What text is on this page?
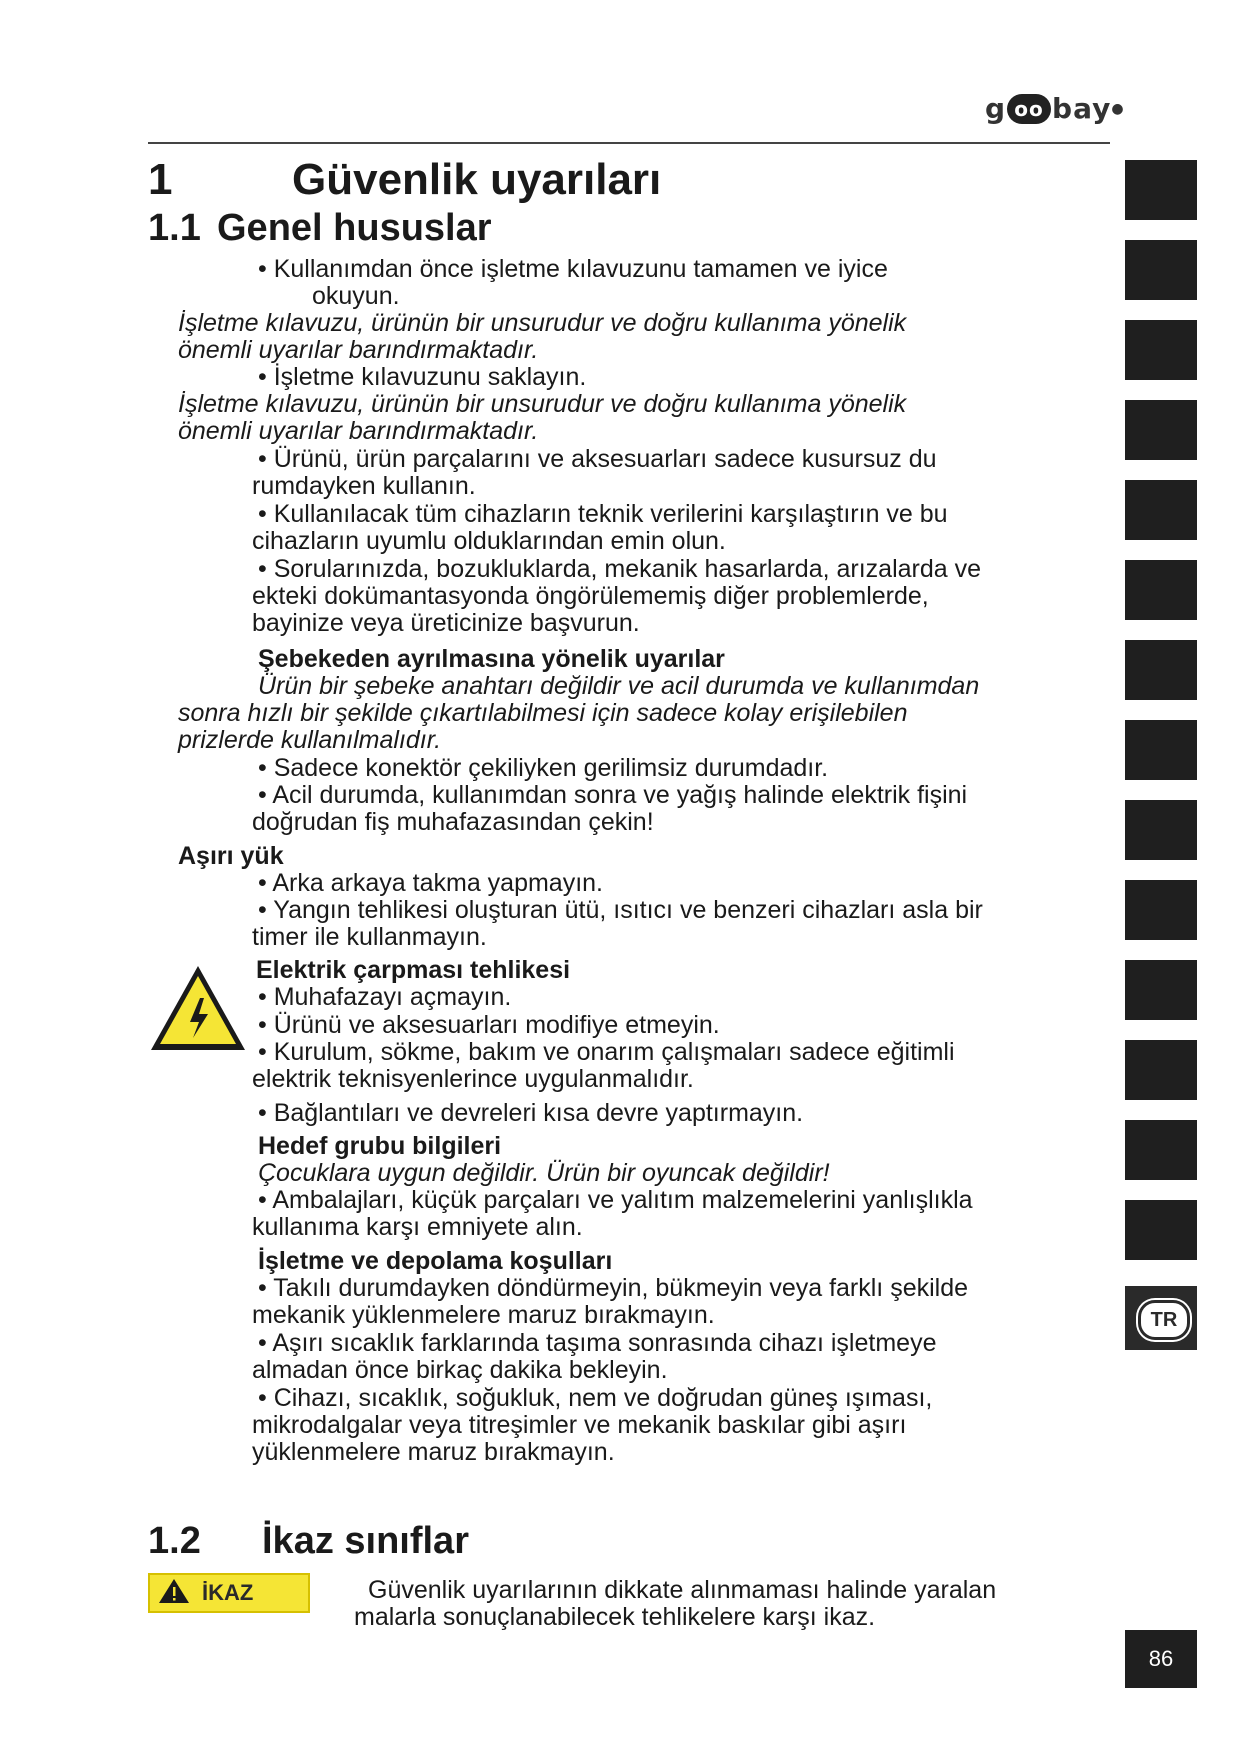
g oo bay ●
1	Güvenlik uyarıları
1.1 Genel hususlar
• Kullanımdan önce işletme kılavuzunu tamamen ve iyice
okuyun.
İşletme kılavuzu, ürünün bir unsurudur ve doğru kullanıma yönelik
önemli uyarılar barındırmaktadır.
• İşletme kılavuzunu saklayın.
İşletme kılavuzu, ürünün bir unsurudur ve doğru kullanıma yönelik
önemli uyarılar barındırmaktadır.
• Ürünü, ürün parçalarını ve aksesuarları sadece kusursuz du
rumdayken kullanın.
• Kullanılacak tüm cihazların teknik verilerini karşılaştırın ve bu
cihazların uyumlu olduklarından emin olun.
• Sorularınızda, bozukluklarda, mekanik hasarlarda, arızalarda ve
ekteki dokümantasyonda öngörülememiş diğer problemlerde,
bayinize veya üreticinize başvurun.
Şebekeden ayrılmasına yönelik uyarılar
Ürün bir şebeke anahtarı değildir ve acil durumda ve kullanımdan
sonra hızlı bir şekilde çıkartılabilmesi için sadece kolay erişilebilen
prizlerde kullanılmalıdır.
• Sadece konektör çekiliyken gerilimsiz durumdadır.
• Acil durumda, kullanımdan sonra ve yağış halinde elektrik fişini
doğrudan fiş muhafazasından çekin!
Aşırı yük
• Arka arkaya takma yapmayın.
• Yangın tehlikesi oluşturan ütü, ısıtıcı ve benzeri cihazları asla bir
timer ile kullanmayın.
Elektrik çarpması tehlikesi
• Muhafazayı açmayın.
• Ürünü ve aksesuarları modifiye etmeyin.
• Kurulum, sökme, bakım ve onarım çalışmaları sadece eğitimli
elektrik teknisyenlerince uygulanmalıdır.
• Bağlantıları ve devreleri kısa devre yaptırmayın.
Hedef grubu bilgileri
Çocuklara uygun değildir. Ürün bir oyuncak değildir!
• Ambalajları, küçük parçaları ve yalıtım malzemelerini yanlışlıkla
kullanıma karşı emniyete alın.
İşletme ve depolama koşulları
• Takılı durumdayken döndürmeyin, bükmeyin veya farklı şekilde
mekanik yüklenmelere maruz bırakmayın.
• Aşırı sıcaklık farklarında taşıma sonrasında cihazı işletmeye
almadan önce birkaç dakika bekleyin.
• Cihazı, sıcaklık, soğukluk, nem ve doğrudan güneş ışıması,
mikrodalgalar veya titreşimler ve mekanik baskılar gibi aşırı
yüklenmelere maruz bırakmayın.
1.2 İkaz sınıflar
İKAZ	Güvenlik uyarılarının dikkate alınmaması halinde yaralan
malarla sonuçlanabilecek tehlikelere karşı ikaz.
TR
86
